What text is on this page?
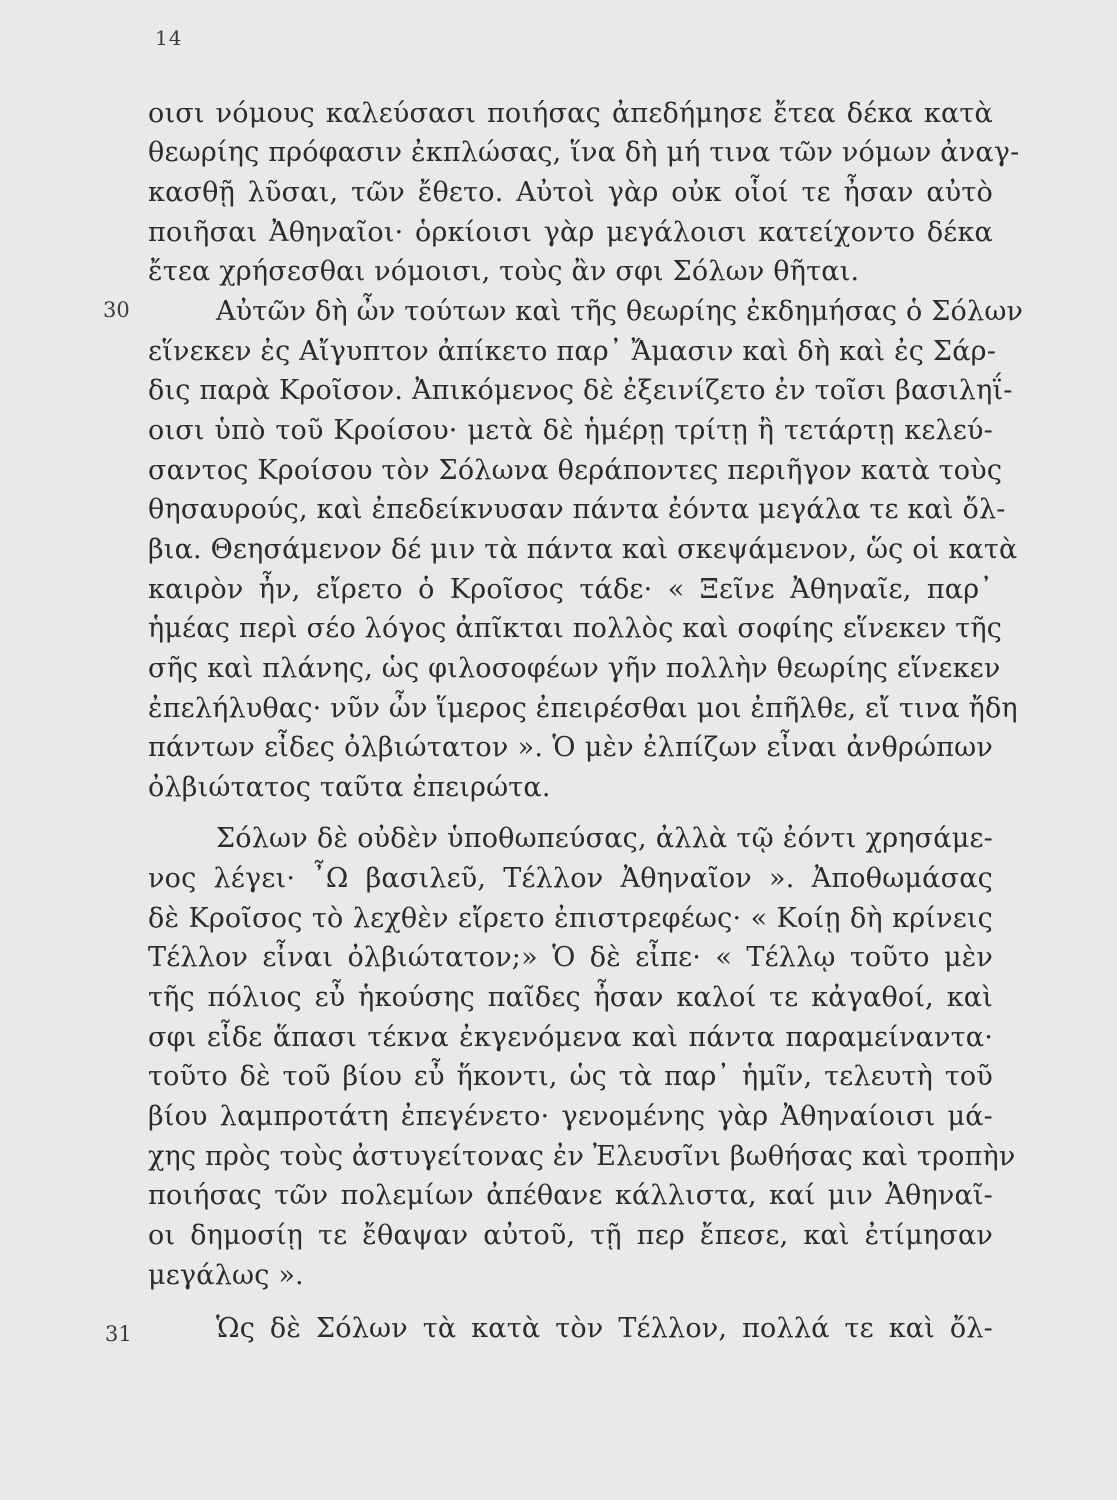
14
30
31
οισι νόμους καλεύσασι ποιήσας ἀπεδήμησε ἔτεα δέκα κατὰ
θεωρίης πρόφασιν ἐκπλώσας, ἵνα δὴ μή τινα τῶν νόμων ἀναγ-
κασθῇ λῦσαι, τῶν ἔθετο. Αὐτοὶ γὰρ οὐκ οἷοί τε ἦσαν αὐτὸ
ποιῆσαι Ἀθηναῖοι· ὁρκίοισι γὰρ μεγάλοισι κατείχοντο δέκα
ἔτεα χρήσεσθαι νόμοισι, τοὺς ἂν σφι Σόλων θῆται.
Αὐτῶν δὴ ὦν τούτων καὶ τῆς θεωρίης ἐκδημήσας ὁ Σόλων
εἵνεκεν ἐς Αἴγυπτον ἀπίκετο παρ᾽ Ἄμασιν καὶ δὴ καὶ ἐς Σάρ-
δις παρὰ Κροῖσον. Ἀπικόμενος δὲ ἐξεινίζετο ἐν τοῖσι βασιληΐ-
οισι ὑπὸ τοῦ Κροίσου· μετὰ δὲ ἡμέρῃ τρίτῃ ἢ τετάρτῃ κελεύ-
σαντος Κροίσου τὸν Σόλωνα θεράποντες περιῆγον κατὰ τοὺς
θησαυρούς, καὶ ἐπεδείκνυσαν πάντα ἐόντα μεγάλα τε καὶ ὄλ-
βια. Θεησάμενον δέ μιν τὰ πάντα καὶ σκεψάμενον, ὥς οἱ κατὰ
καιρὸν ἦν, εἴρετο ὁ Κροῖσος τάδε· « Ξεῖνε Ἀθηναῖε, παρ᾽
ἡμέας περὶ σέο λόγος ἀπῖκται πολλὸς καὶ σοφίης εἵνεκεν τῆς
σῆς καὶ πλάνης, ὡς φιλοσοφέων γῆν πολλὴν θεωρίης εἵνεκεν
ἐπελήλυθας· νῦν ὦν ἵμερος ἐπειρέσθαι μοι ἐπῆλθε, εἴ τινα ἤδη
πάντων εἶδες ὀλβιώτατον ». Ὁ μὲν ἐλπίζων εἶναι ἀνθρώπων
ὀλβιώτατος ταῦτα ἐπειρώτα.
Σόλων δὲ οὐδὲν ὑποθωπεύσας, ἀλλὰ τῷ ἐόντι χρησάμε-
νος λέγει· ῏Ω βασιλεῦ, Τέλλον Ἀθηναῖον ». Ἀποθωμάσας
δὲ Κροῖσος τὸ λεχθὲν εἴρετο ἐπιστρεφέως· « Κοίῃ δὴ κρίνεις
Τέλλον εἶναι ὀλβιώτατον;» Ὁ δὲ εἶπε· « Τέλλῳ τοῦτο μὲν
τῆς πόλιος εὖ ἡκούσης παῖδες ἦσαν καλοί τε κἀγαθοί, καὶ
σφι εἶδε ἅπασι τέκνα ἐκγενόμενα καὶ πάντα παραμείναντα·
τοῦτο δὲ τοῦ βίου εὖ ἥκοντι, ὡς τὰ παρ᾽ ἡμῖν, τελευτὴ τοῦ
βίου λαμπροτάτη ἐπεγένετο· γενομένης γὰρ Ἀθηναίοισι μά-
χης πρὸς τοὺς ἀστυγείτονας ἐν Ἐλευσῖνι βωθήσας καὶ τροπὴν
ποιήσας τῶν πολεμίων ἀπέθανε κάλλιστα, καί μιν Ἀθηναῖ-
οι δημοσίῃ τε ἔθαψαν αὐτοῦ, τῇ περ ἔπεσε, καὶ ἐτίμησαν
μεγάλως ».
Ὡς δὲ Σόλων τὰ κατὰ τὸν Τέλλον, πολλά τε καὶ ὄλ-
